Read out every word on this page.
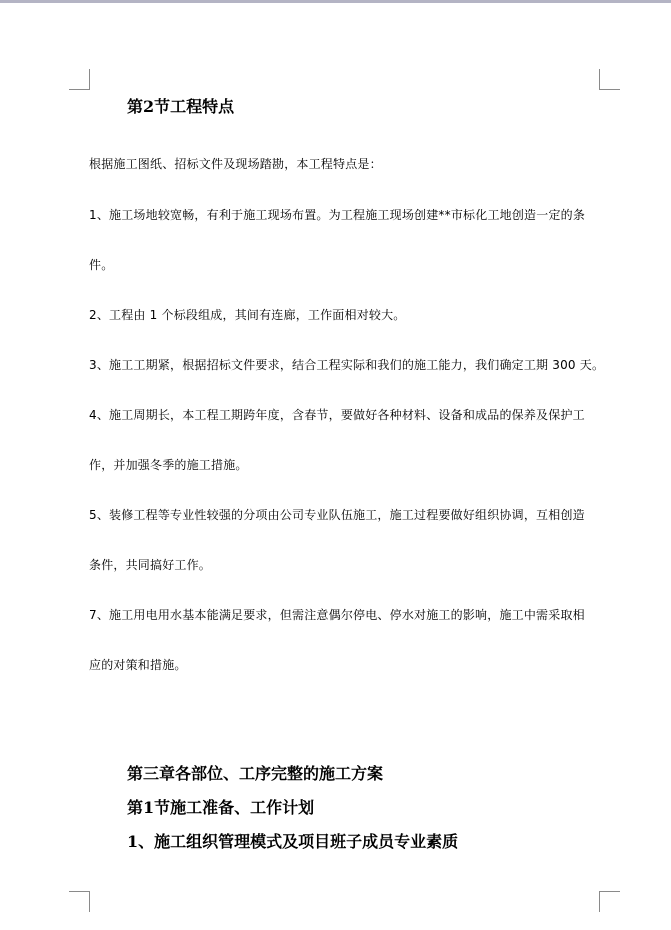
第2节工程特点
根据施工图纸、招标文件及现场踏勘，本工程特点是：
1、施工场地较宽畅，有利于施工现场布置。为工程施工现场创建**市标化工地创造一定的条
件。
2、工程由 1 个标段组成，其间有连廊，工作面相对较大。
3、施工工期紧，根据招标文件要求，结合工程实际和我们的施工能力，我们确定工期 300 天。
4、施工周期长，本工程工期跨年度，含春节，要做好各种材料、设备和成品的保养及保护工
作，并加强冬季的施工措施。
5、装修工程等专业性较强的分项由公司专业队伍施工，施工过程要做好组织协调，互相创造
条件，共同搞好工作。
7、施工用电用水基本能满足要求，但需注意偶尔停电、停水对施工的影响，施工中需采取相
应的对策和措施。
第三章各部位、工序完整的施工方案
第1节施工准备、工作计划
1、施工组织管理模式及项目班子成员专业素质
